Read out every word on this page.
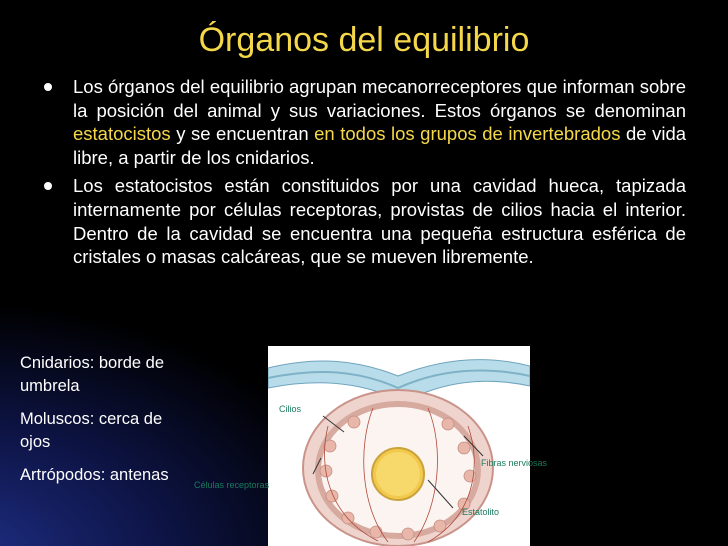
Órganos del equilibrio
Los órganos del equilibrio agrupan mecanorreceptores que informan sobre la posición del animal y sus variaciones. Estos órganos se denominan estatocistos y se encuentran en todos los grupos de invertebrados de vida libre, a partir de los cnidarios.
Los estatocistos están constituidos por una cavidad hueca, tapizada internamente por células receptoras, provistas de cilios hacia el interior. Dentro de la cavidad se encuentra una pequeña estructura esférica de cristales o masas calcáreas, que se mueven libremente.

Cnidarios: borde de umbrela

Moluscos: cerca de ojos

Artrópodos: antenas

Cilios
Fibras nerviosas
Células receptoras
Estatolito
